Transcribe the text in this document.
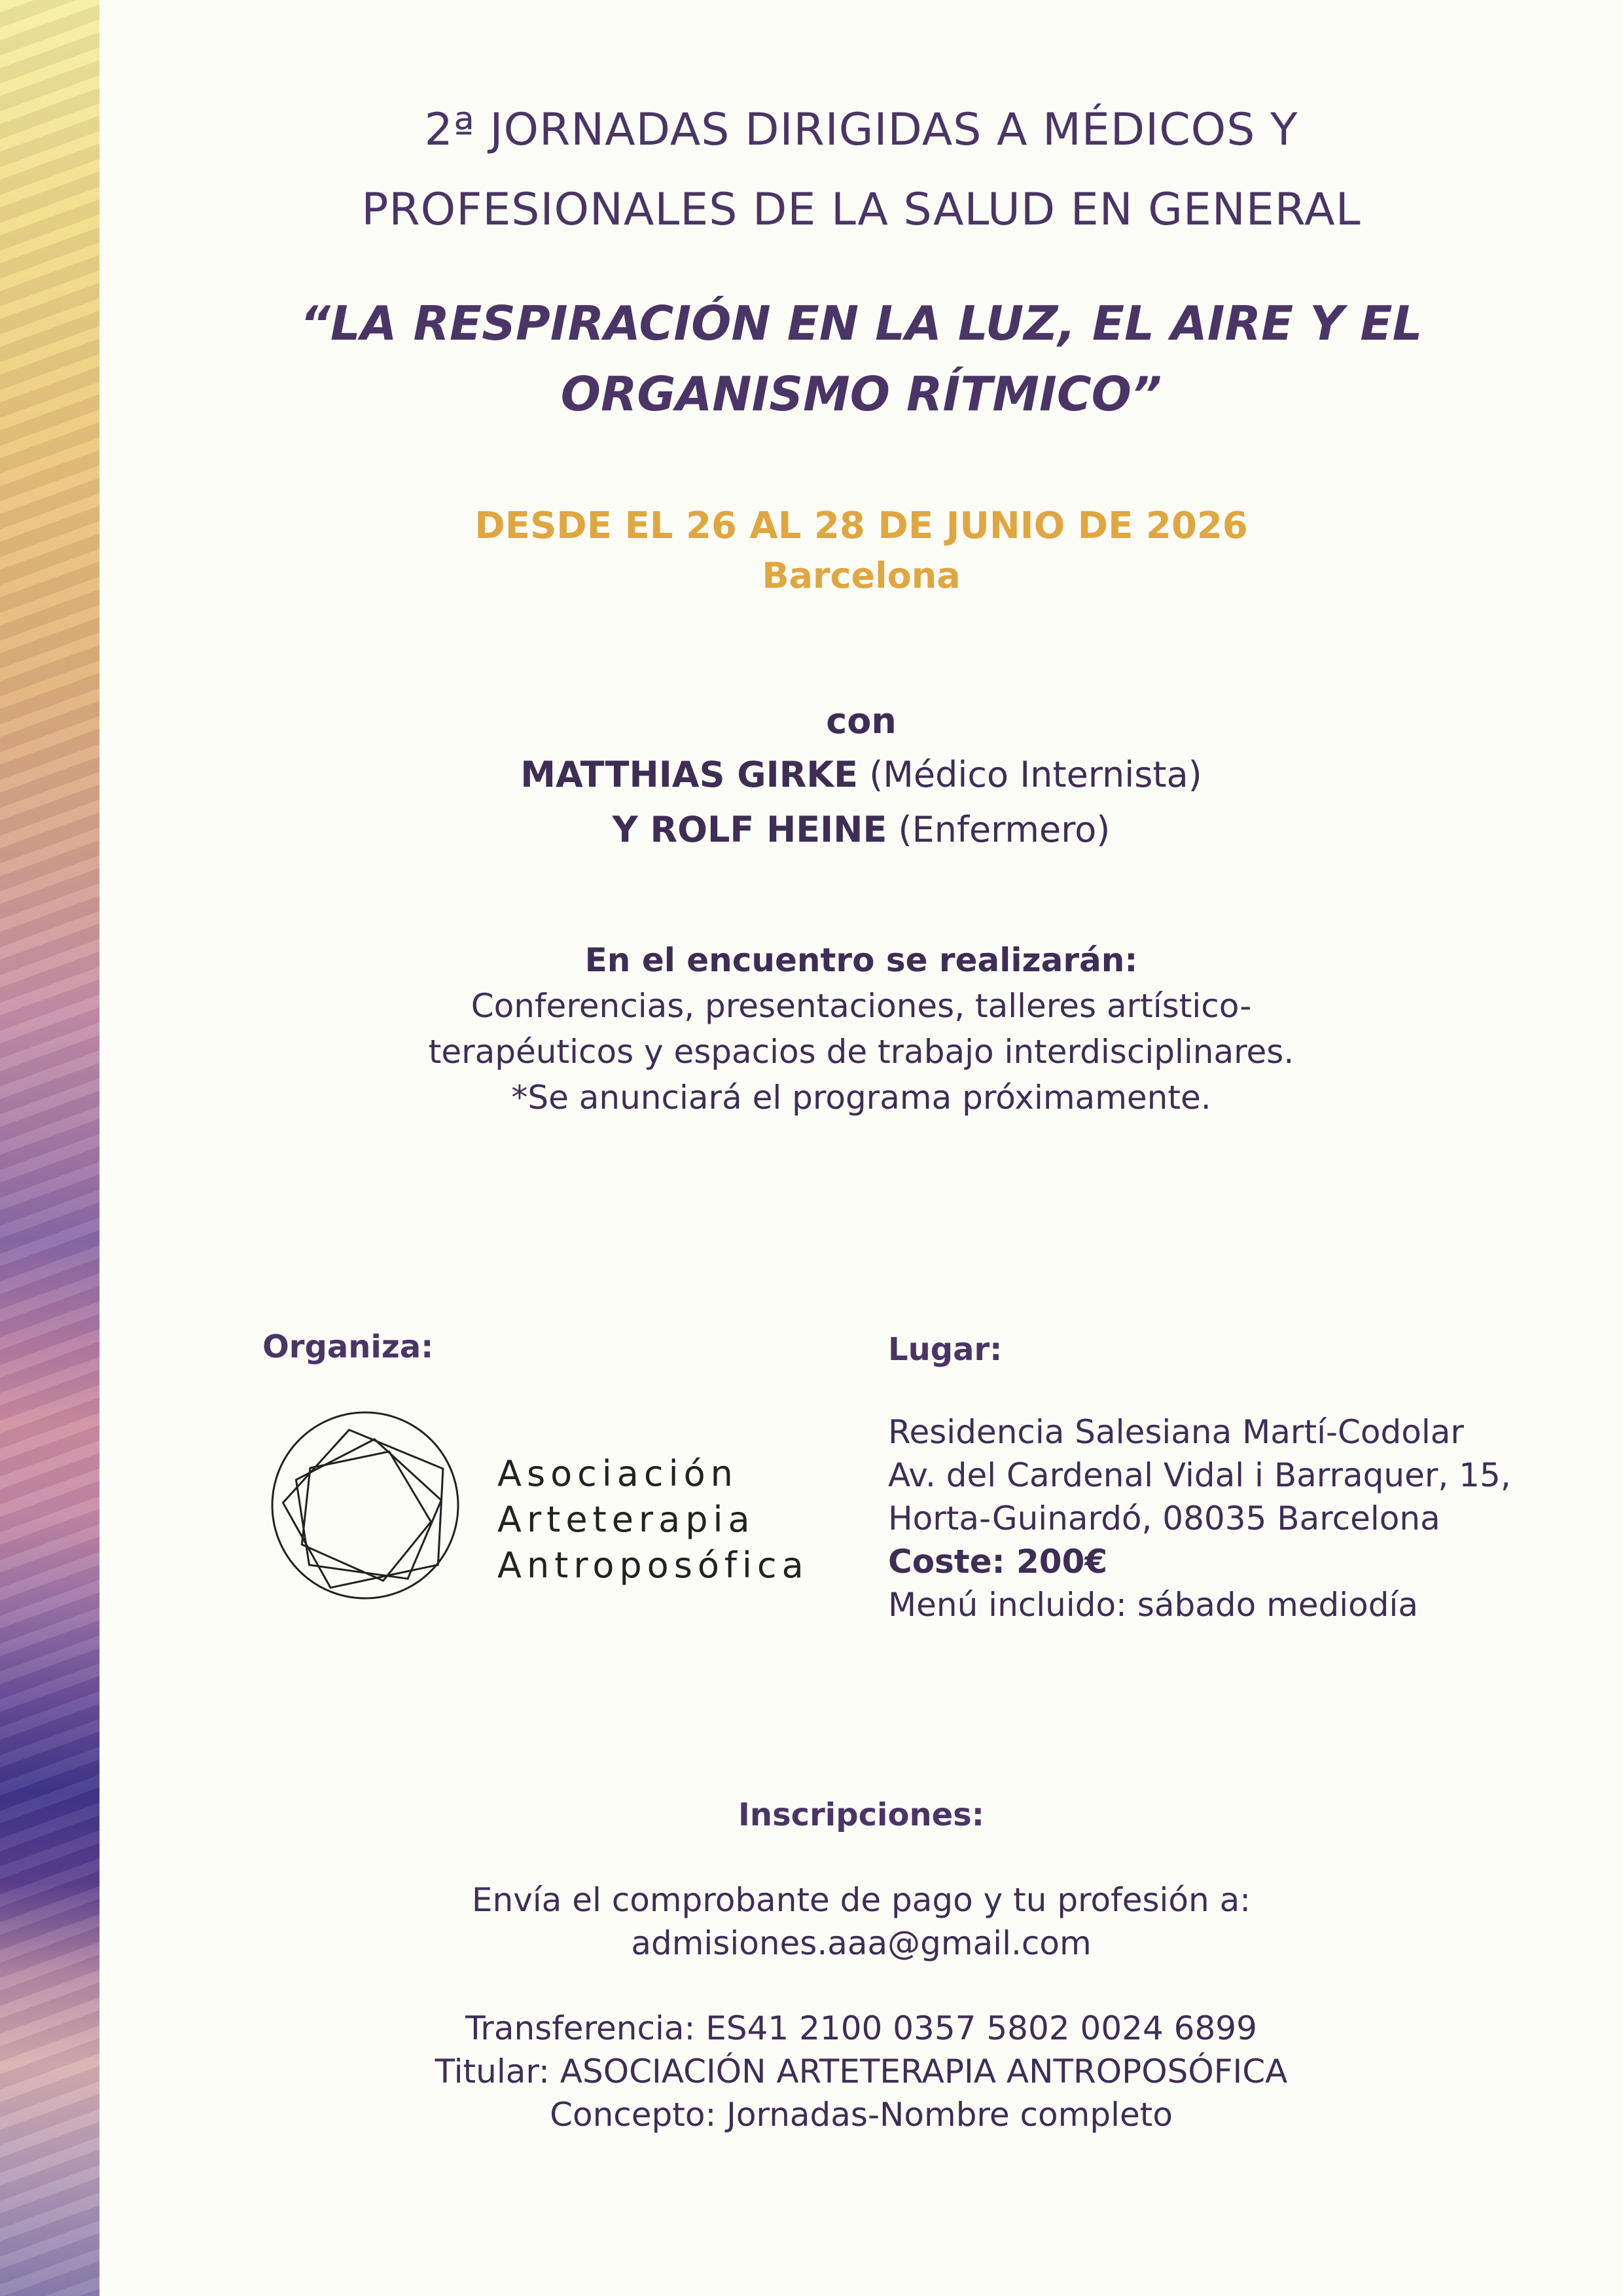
2ª JORNADAS DIRIGIDAS A MÉDICOS Y
PROFESIONALES DE LA SALUD EN GENERAL
“LA RESPIRACIÓN EN LA LUZ, EL AIRE Y EL
ORGANISMO RÍTMICO”
DESDE EL 26 AL 28 DE JUNIO DE 2026
Barcelona
con
MATTHIAS GIRKE (Médico Internista)
Y ROLF HEINE (Enfermero)
En el encuentro se realizarán:
Conferencias, presentaciones, talleres artístico-
terapéuticos y espacios de trabajo interdisciplinares.
*Se anunciará el programa próximamente.
Organiza:	Lugar:
Asociación
Arteterapia
Antroposófica
Residencia Salesiana Martí-Codolar
Av. del Cardenal Vidal i Barraquer, 15,
Horta-Guinardó, 08035 Barcelona
Coste: 200€
Menú incluido: sábado mediodía
Inscripciones:
Envía el comprobante de pago y tu profesión a:
admisiones.aaa@gmail.com
Transferencia: ES41 2100 0357 5802 0024 6899
Titular: ASOCIACIÓN ARTETERAPIA ANTROPOSÓFICA
Concepto: Jornadas-Nombre completo
